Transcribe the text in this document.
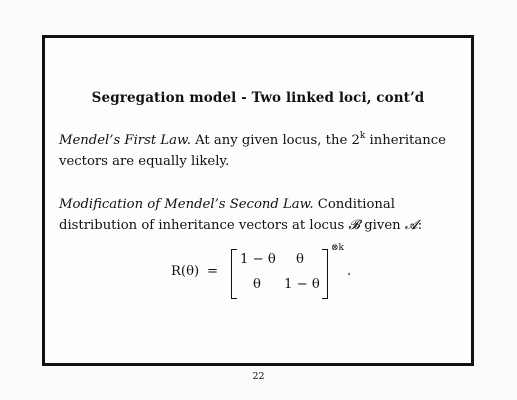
Segregation model - Two linked loci, cont’d
Mendel’s First Law. At any given locus, the 2$^k$ inheritance vectors are equally likely.
Modification of Mendel’s Second Law. Conditional distribution of inheritance vectors at locus 𝓑 given 𝓐:
R(θ) =
1 − θ θ
θ 1 − θ
⊗k
.
22
